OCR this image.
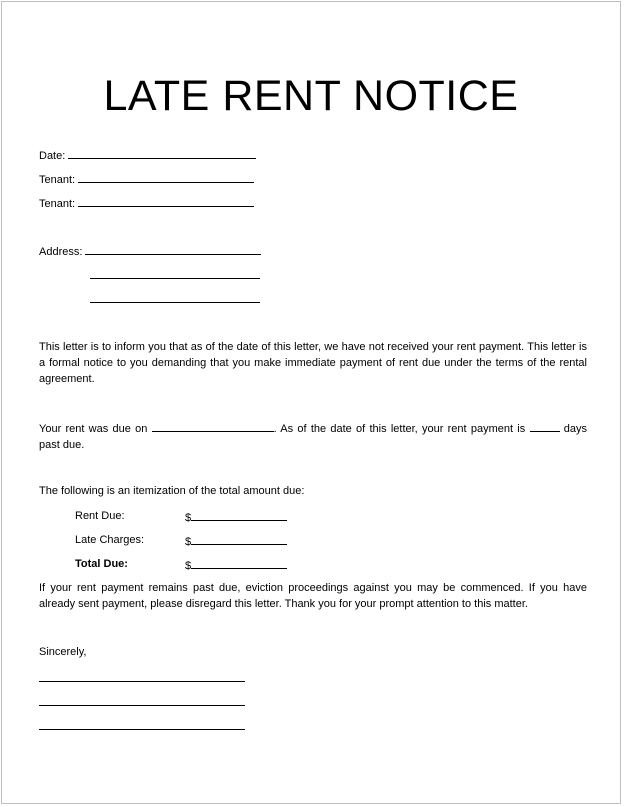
LATE RENT NOTICE
Date:
Tenant:
Tenant:
Address:
This letter is to inform you that as of the date of this letter, we have not received your rent payment. This letter is a formal notice to you demanding that you make immediate payment of rent due under the terms of the rental agreement.
Your rent was due on	. As of the date of this letter, your rent payment is	days past due.
The following is an itemization of the total amount due:
Rent Due:	$
Late Charges:	$
Total Due:	$
If your rent payment remains past due, eviction proceedings against you may be commenced. If you have already sent payment, please disregard this letter. Thank you for your prompt attention to this matter.
Sincerely,
